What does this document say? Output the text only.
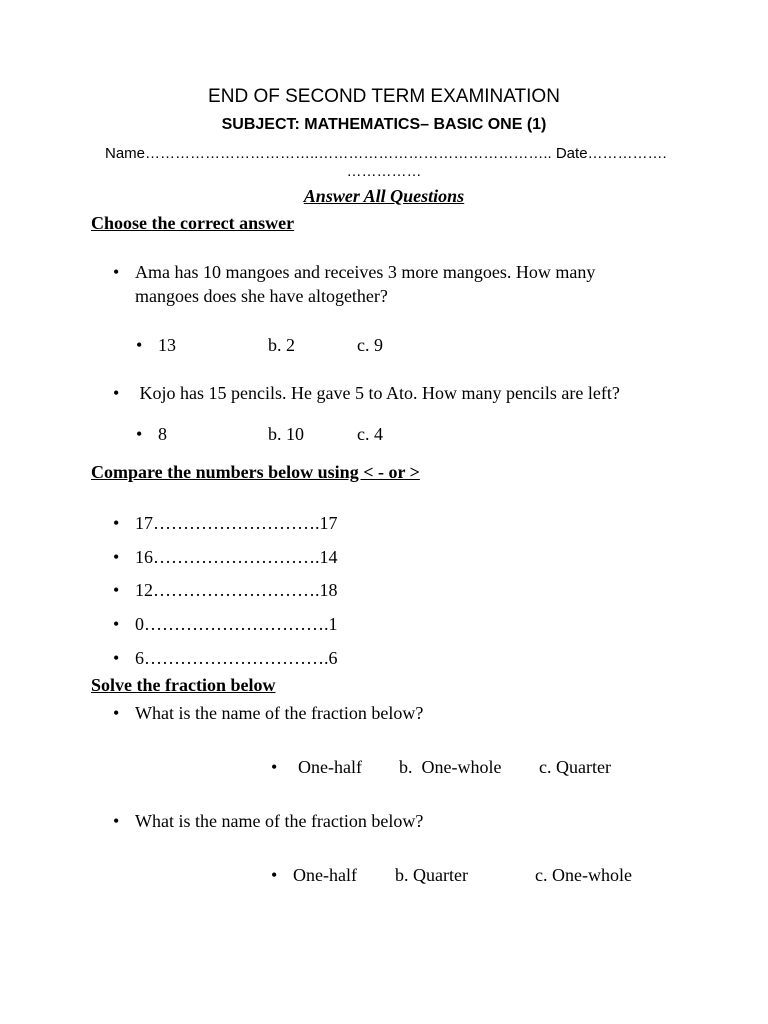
END OF SECOND TERM EXAMINATION
SUBJECT: MATHEMATICS– BASIC ONE (1)
Name……………………………..……………………………………….. Date…………….
……………
Answer All Questions
Choose the correct answer
• Ama has 10 mangoes and receives 3 more mangoes. How many
mangoes does she have altogether?
• 13	b. 2	c. 9
• Kojo has 15 pencils. He gave 5 to Ato. How many pencils are left?
• 8	b. 10	c. 4
Compare the numbers below using < - or >
• 17……………………….17
• 16……………………….14
• 12……………………….18
• 0………………………….1
• 6………………………….6
Solve the fraction below
• What is the name of the fraction below?
• One-half b.  One-whole c. Quarter
• What is the name of the fraction below?
• One-half b. Quarter	c. One-whole
